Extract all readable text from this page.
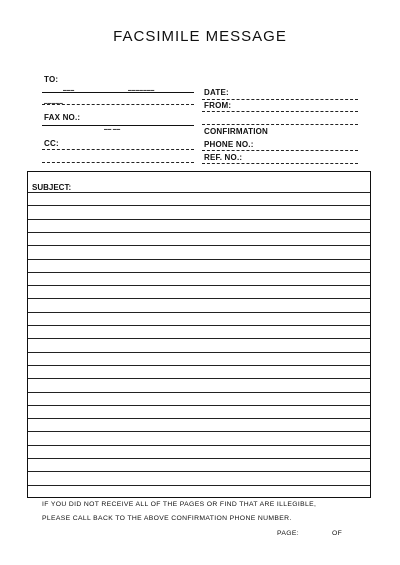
FACSIMILE MESSAGE
TO:
▬▬▬	▬▬▬▬▬▬▬
▬▬▬▬▬
FAX NO.:
▬▬ ▬▬
CC:
DATE:
FROM:
CONFIRMATION
PHONE NO.:
REF. NO.:
SUBJECT:
IF YOU DID NOT RECEIVE ALL OF THE PAGES OR FIND THAT ARE ILLEGIBLE,
PLEASE CALL BACK TO THE ABOVE CONFIRMATION PHONE NUMBER.
PAGE:	OF
